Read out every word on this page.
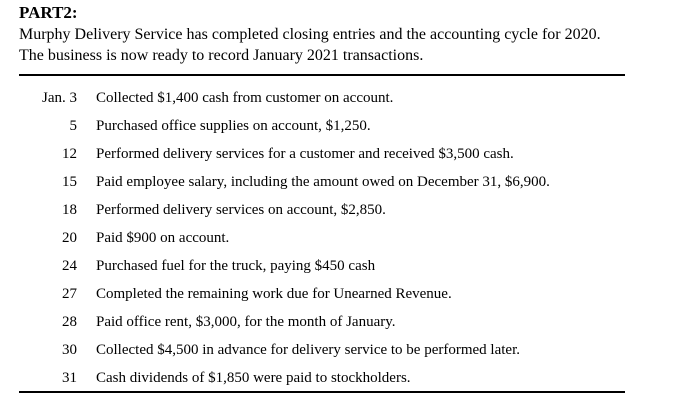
PART2:
Murphy Delivery Service has completed closing entries and the accounting cycle for 2020.
The business is now ready to record January 2021 transactions.
Jan. 3 Collected $1,400 cash from customer on account.
5 Purchased office supplies on account, $1,250.
12 Performed delivery services for a customer and received $3,500 cash.
15 Paid employee salary, including the amount owed on December 31, $6,900.
18 Performed delivery services on account, $2,850.
20 Paid $900 on account.
24 Purchased fuel for the truck, paying $450 cash
27 Completed the remaining work due for Unearned Revenue.
28 Paid office rent, $3,000, for the month of January.
30 Collected $4,500 in advance for delivery service to be performed later.
31 Cash dividends of $1,850 were paid to stockholders.
